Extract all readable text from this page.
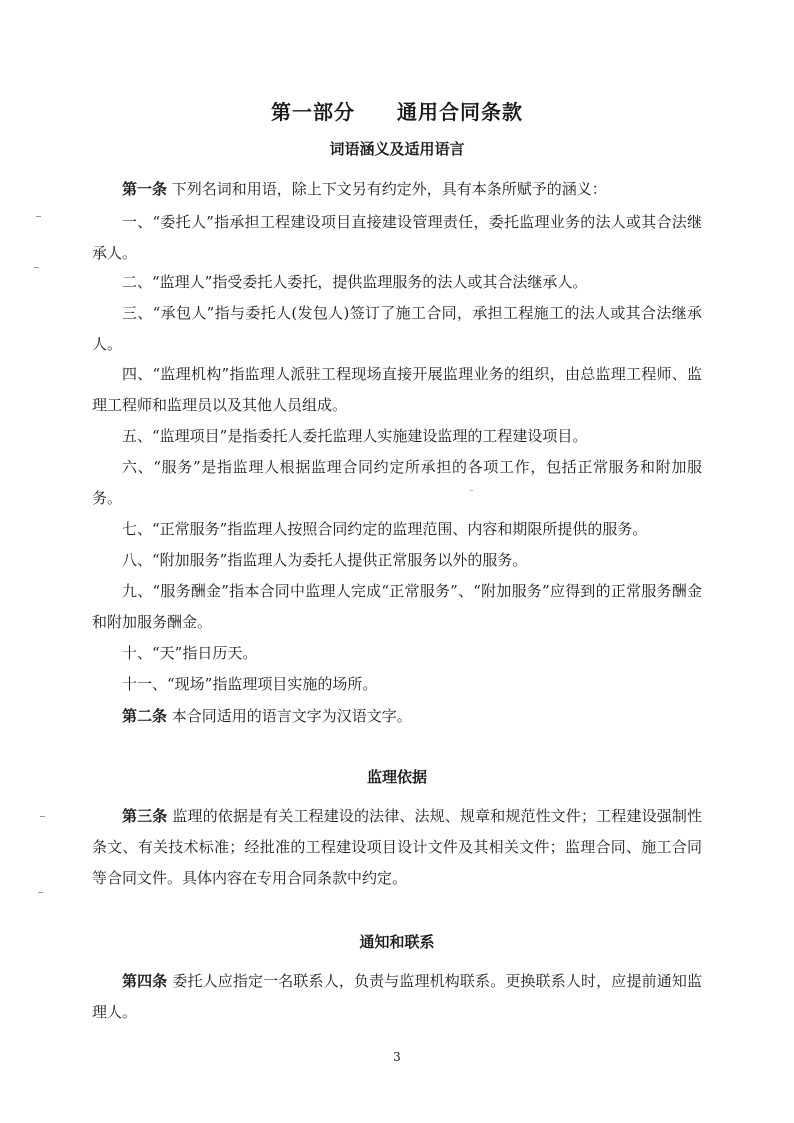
第一部分　　通用合同条款
词语涵义及适用语言

第一条 下列名词和用语，除上下文另有约定外，具有本条所赋予的涵义：

一、“委托人”指承担工程建设项目直接建设管理责任，委托监理业务的法人或其合法继承人。

二、“监理人”指受委托人委托，提供监理服务的法人或其合法继承人。

三、“承包人”指与委托人(发包人)签订了施工合同，承担工程施工的法人或其合法继承人。

四、“监理机构”指监理人派驻工程现场直接开展监理业务的组织，由总监理工程师、监理工程师和监理员以及其他人员组成。

五、“监理项目”是指委托人委托监理人实施建设监理的工程建设项目。

六、“服务”是指监理人根据监理合同约定所承担的各项工作，包括正常服务和附加服务。

七、“正常服务”指监理人按照合同约定的监理范围、内容和期限所提供的服务。

八、“附加服务”指监理人为委托人提供正常服务以外的服务。

九、“服务酬金”指本合同中监理人完成“正常服务”、“附加服务”应得到的正常服务酬金和附加服务酬金。

十、“天”指日历天。

十一、“现场”指监理项目实施的场所。

第二条 本合同适用的语言文字为汉语文字。

监理依据

第三条 监理的依据是有关工程建设的法律、法规、规章和规范性文件；工程建设强制性条文、有关技术标准；经批准的工程建设项目设计文件及其相关文件；监理合同、施工合同等合同文件。具体内容在专用合同条款中约定。

通知和联系

第四条 委托人应指定一名联系人，负责与监理机构联系。更换联系人时，应提前通知监理人。

3
